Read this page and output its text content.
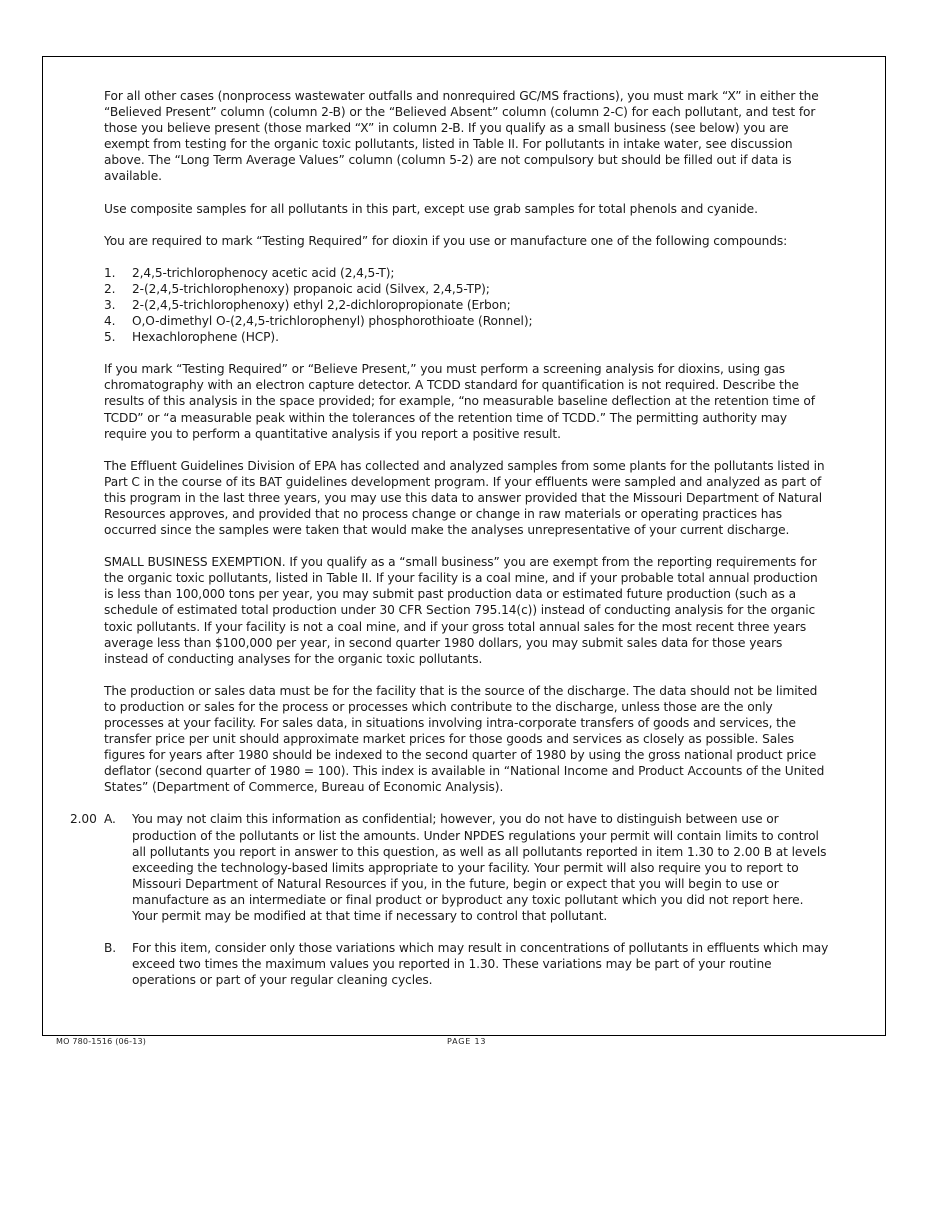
For all other cases (nonprocess wastewater outfalls and nonrequired GC/MS fractions), you must mark “X” in either the “Believed Present” column (column 2-B) or the “Believed Absent” column (column 2-C) for each pollutant, and test for those you believe present (those marked “X” in column 2-B. If you qualify as a small business (see below) you are exempt from testing for the organic toxic pollutants, listed in Table II. For pollutants in intake water, see discussion above. The “Long Term Average Values” column (column 5-2) are not compulsory but should be filled out if data is available.

Use composite samples for all pollutants in this part, except use grab samples for total phenols and cyanide.

You are required to mark “Testing Required” for dioxin if you use or manufacture one of the following compounds:

1. 2,4,5-trichlorophenocy acetic acid (2,4,5-T);
2. 2-(2,4,5-trichlorophenoxy) propanoic acid (Silvex, 2,4,5-TP);
3. 2-(2,4,5-trichlorophenoxy) ethyl 2,2-dichloropropionate (Erbon;
4. O,O-dimethyl O-(2,4,5-trichlorophenyl) phosphorothioate (Ronnel);
5. Hexachlorophene (HCP).

If you mark “Testing Required” or “Believe Present,” you must perform a screening analysis for dioxins, using gas chromatography with an electron capture detector. A TCDD standard for quantification is not required. Describe the results of this analysis in the space provided; for example, “no measurable baseline deflection at the retention time of TCDD” or “a measurable peak within the tolerances of the retention time of TCDD.” The permitting authority may require you to perform a quantitative analysis if you report a positive result.

The Effluent Guidelines Division of EPA has collected and analyzed samples from some plants for the pollutants listed in Part C in the course of its BAT guidelines development program. If your effluents were sampled and analyzed as part of this program in the last three years, you may use this data to answer provided that the Missouri Department of Natural Resources approves, and provided that no process change or change in raw materials or operating practices has occurred since the samples were taken that would make the analyses unrepresentative of your current discharge.

SMALL BUSINESS EXEMPTION. If you qualify as a “small business” you are exempt from the reporting requirements for the organic toxic pollutants, listed in Table II. If your facility is a coal mine, and if your probable total annual production is less than 100,000 tons per year, you may submit past production data or estimated future production (such as a schedule of estimated total production under 30 CFR Section 795.14(c)) instead of conducting analysis for the organic toxic pollutants. If your facility is not a coal mine, and if your gross total annual sales for the most recent three years average less than $100,000 per year, in second quarter 1980 dollars, you may submit sales data for those years instead of conducting analyses for the organic toxic pollutants.

The production or sales data must be for the facility that is the source of the discharge. The data should not be limited to production or sales for the process or processes which contribute to the discharge, unless those are the only processes at your facility. For sales data, in situations involving intra-corporate transfers of goods and services, the transfer price per unit should approximate market prices for those goods and services as closely as possible. Sales figures for years after 1980 should be indexed to the second quarter of 1980 by using the gross national product price deflator (second quarter of 1980 = 100). This index is available in “National Income and Product Accounts of the United States” (Department of Commerce, Bureau of Economic Analysis).

2.00 A. You may not claim this information as confidential; however, you do not have to distinguish between use or production of the pollutants or list the amounts. Under NPDES regulations your permit will contain limits to control all pollutants you report in answer to this question, as well as all pollutants reported in item 1.30 to 2.00 B at levels exceeding the technology-based limits appropriate to your facility. Your permit will also require you to report to Missouri Department of Natural Resources if you, in the future, begin or expect that you will begin to use or manufacture as an intermediate or final product or byproduct any toxic pollutant which you did not report here. Your permit may be modified at that time if necessary to control that pollutant.
B. For this item, consider only those variations which may result in concentrations of pollutants in effluents which may exceed two times the maximum values you reported in 1.30. These variations may be part of your routine operations or part of your regular cleaning cycles.
MO 780-1516 (06-13)	PAGE 13
